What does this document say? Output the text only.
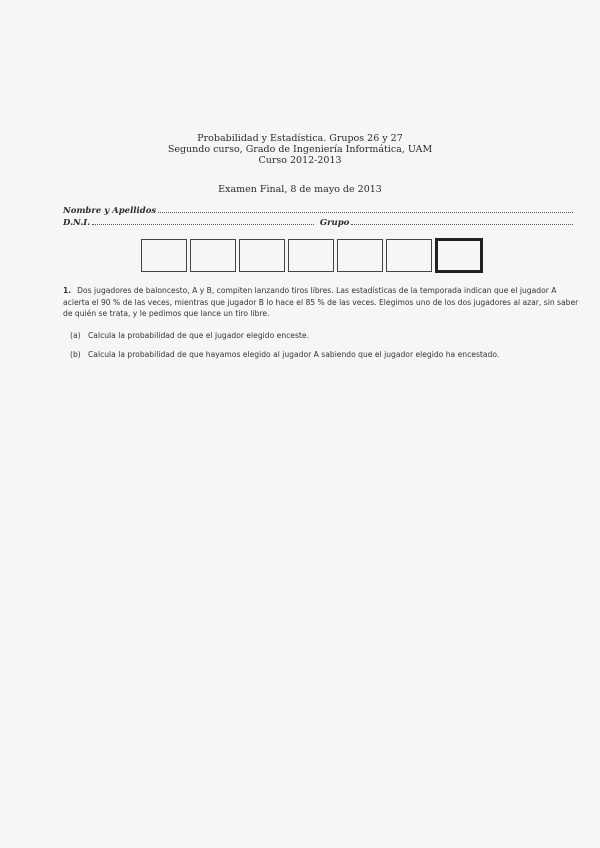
Probabilidad y Estadística. Grupos 26 y 27
Segundo curso, Grado de Ingeniería Informática, UAM
Curso 2012-2013
Examen Final, 8 de mayo de 2013
Nombre y Apellidos
D.N.I.	Grupo
1. Dos jugadores de baloncesto, A y B, compiten lanzando tiros libres. Las estadísticas de la temporada indican que el jugador A acierta el 90 % de las veces, mientras que jugador B lo hace el 85 % de las veces. Elegimos uno de los dos jugadores al azar, sin saber de quién se trata, y le pedimos que lance un tiro libre.
(a) Calcula la probabilidad de que el jugador elegido enceste.
(b) Calcula la probabilidad de que hayamos elegido al jugador A sabiendo que el jugador elegido ha encestado.
